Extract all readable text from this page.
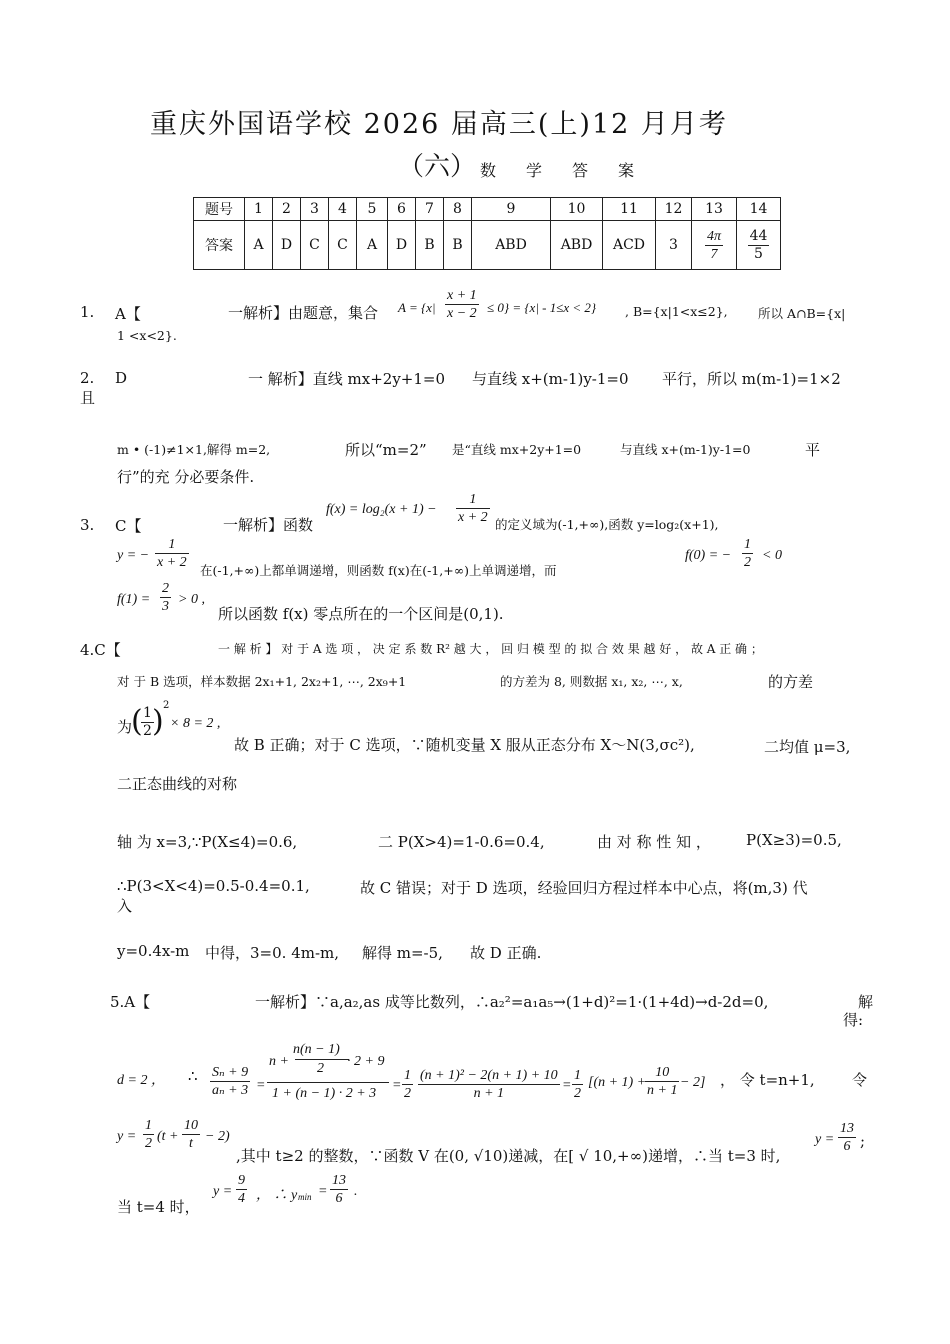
重庆外国语学校 2026 届高三(上)12 月月考
（六） 数学答案
题号	1	2	3	4	5	6	7	8	9	10	11	12	13	14
答案	A	D	C	C	A	D	B	B	ABD	ABD	ACD	3	$\frac{4\pi}{7}$	$\frac{44}{5}$
1. A【	一解析】由题意，集合 $A = \{x| \frac{x + 1}{x - 2} \le 0\} = \{x| - 1\le x < 2\}$ , B={x|1<x≤2}, 所以 A∩B={x|
1 <x<2}.
2. D	一 解析】直线 mx+2y+1=0 与直线 x+(m-1)y-1=0 平行，所以 m(m-1)=1×2
且
m • (-1)≠1×1,解得 m=2,	所以“m=2” 是“直线 mx+2y+1=0	与直线 x+(m-1)y-1=0	平
行”的充 分必要条件.
3. C【	一解析】函数
$f(x) = \log_2(x + 1) - \frac{1}{x + 2}$ 的定义域为(-1,+∞),函数 y=log₂(x+1),
y = − $\frac{1}{x + 2}$ 在(-1,+∞)上都单调递增，则函数 f(x)在(-1,+∞)上单调递增，而
f(0) = − $\frac{1}{2} < 0$
$f(1) = \frac{2}{3} > 0$ ,
所以函数 f(x) 零点所在的一个区间是(0,1).
4.C【	一 解 析 】 对 于 A 选 项 ， 决 定 系 数 R² 越 大 ， 回 归 模 型 的 拟 合 效 果 越 好 ， 故 A 正 确 ；
对 于 B 选项，样本数据 2x₁+1, 2x₂+1, ⋯, 2x₉+1	的方差为 8, 则数据 x₁, x₂, ⋯, x,	的方差
为
(
$\frac{1}{2}$
) 2
× 8 = 2 ,
故 B 正确；对于 C 选项，∵随机变量 X 服从正态分布 X～N(3,σc²),	二均值 μ=3,
二正态曲线的对称
轴 为 x=3,∵P(X≤4)=0.6,	二 P(X>4)=1-0.6=0.4,	由 对 称 性 知 ， P(X≥3)=0.5,
∴P(3<X<4)=0.5-0.4=0.1,	故 C 错误；对于 D 选项，经验回归方程过样本中心点，将(m,3) 代
入
y=0.4x-m 中得，3=0. 4m-m, 解得 m=-5, 故 D 正确.
5.A【	一解析】∵a,a₂,as 成等比数列，∴a₂²=a₁a₅→(1+d)²=1·(1+4d)→d-2d=0,	解
得:
d = 2 ， ∴ $\frac{\text{Sₙ + 9}}{\text{aₙ + 3}}$ =
n(n − 1)
n + 2 · 2 + 9
1 + (n − 1) · 2 + 3
= $\frac{1}{2} \frac{\text{(n + 1)² − 2(n + 1) + 10}}{n + 1} = \frac{1}{2} [(n + 1)$ +
$\frac{10}{n + 1} - 2$] ， 令 t=n+1, 令
$y = \frac{1}{2} (t + \frac{10}{t} - 2)$
,其中 t≥2 的整数，∵函数 V 在(0, √10)递减，在[ √ 10,+∞)递增，∴当 t=3 时,
$y = \frac{13}{6}$ ;
当 t=4 时，
$y = \frac{9}{4}$ ， ∴ y $\min = \frac{13}{6}$ .
